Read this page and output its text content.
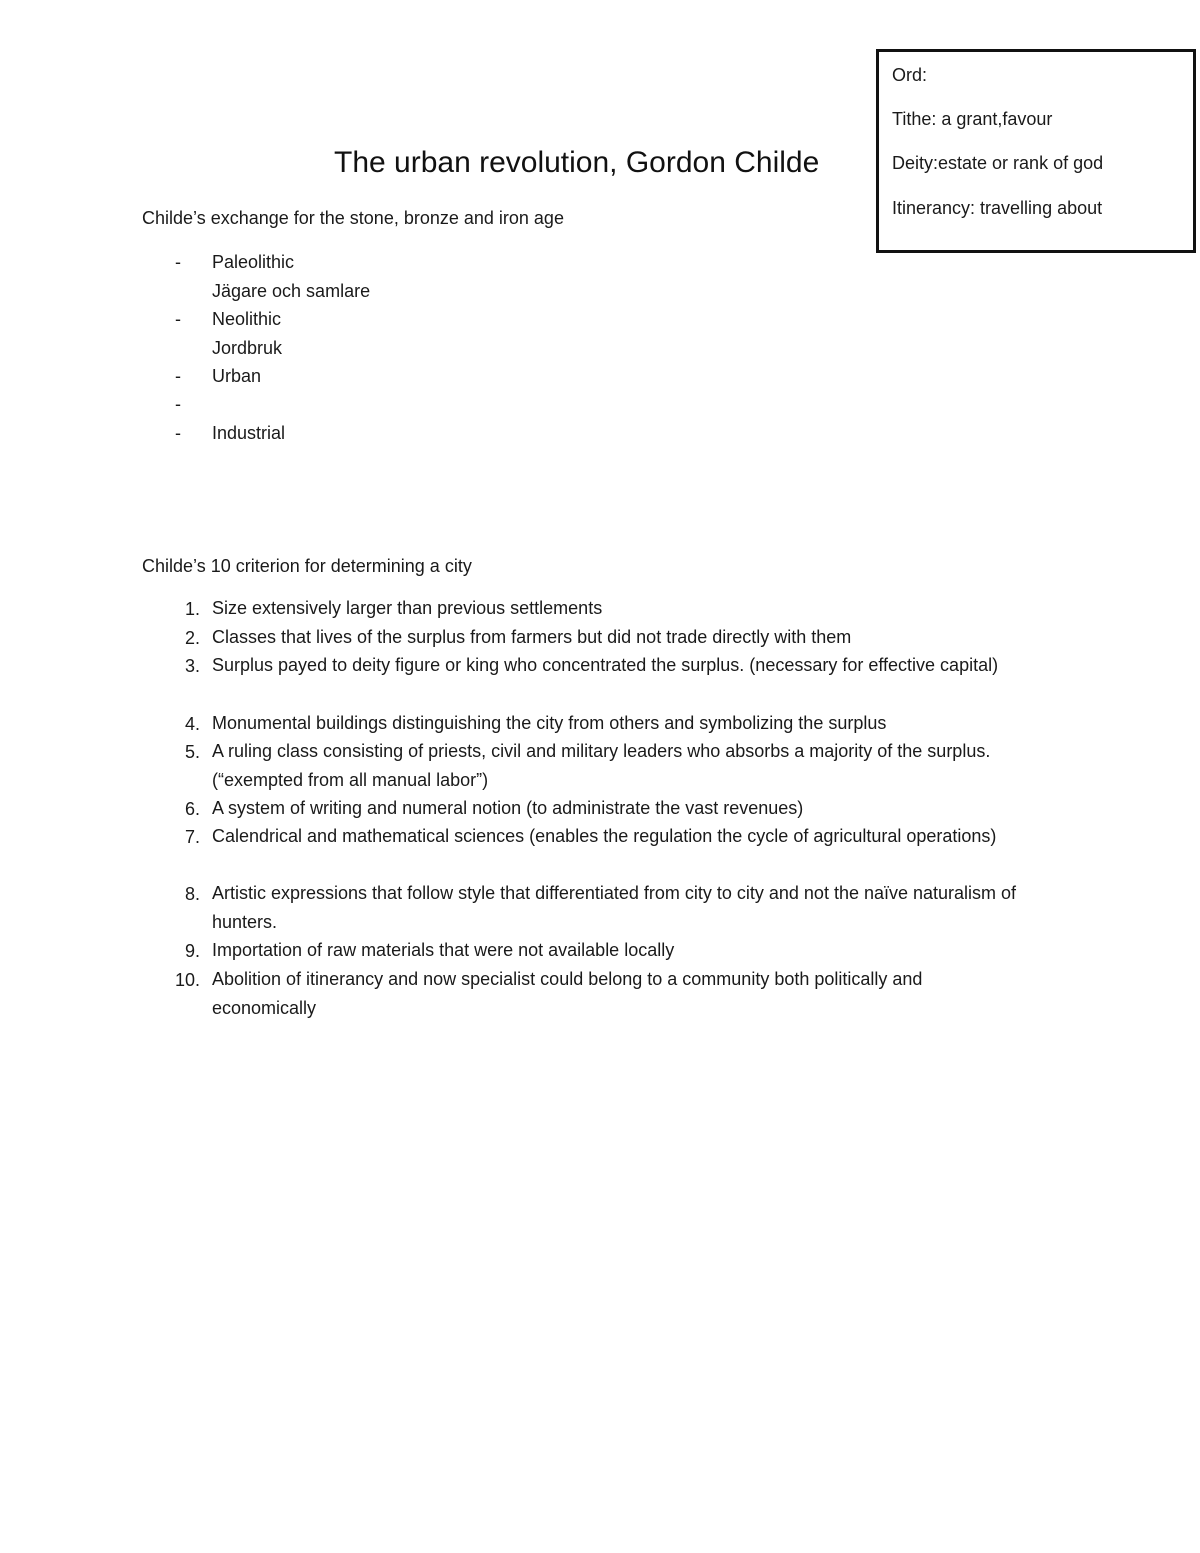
Ord:
Tithe: a grant,favour
Deity:estate or rank of god
Itinerancy: travelling about
The urban revolution, Gordon Childe
Childe’s exchange for the stone, bronze and iron age
- Paleolithic
Jägare och samlare
- Neolithic
Jordbruk
- Urban
-
- Industrial
Childe’s 10 criterion for determining a city
1. Size extensively larger than previous settlements
2. Classes that lives of the surplus from farmers but did not trade directly with them
3. Surplus payed to deity figure or king who concentrated the surplus. (necessary for effective capital)
4. Monumental buildings distinguishing the city from others and symbolizing the surplus
5. A ruling class consisting of priests, civil and military leaders who absorbs a majority of the surplus. (“exempted from all manual labor”)
6. A system of writing and numeral notion (to administrate the vast revenues)
7. Calendrical and mathematical sciences (enables the regulation the cycle of agricultural operations)
8. Artistic expressions that follow style that differentiated from city to city and not the naïve naturalism of hunters.
9. Importation of raw materials that were not available locally
10. Abolition of itinerancy and now specialist could belong to a community both politically and economically
